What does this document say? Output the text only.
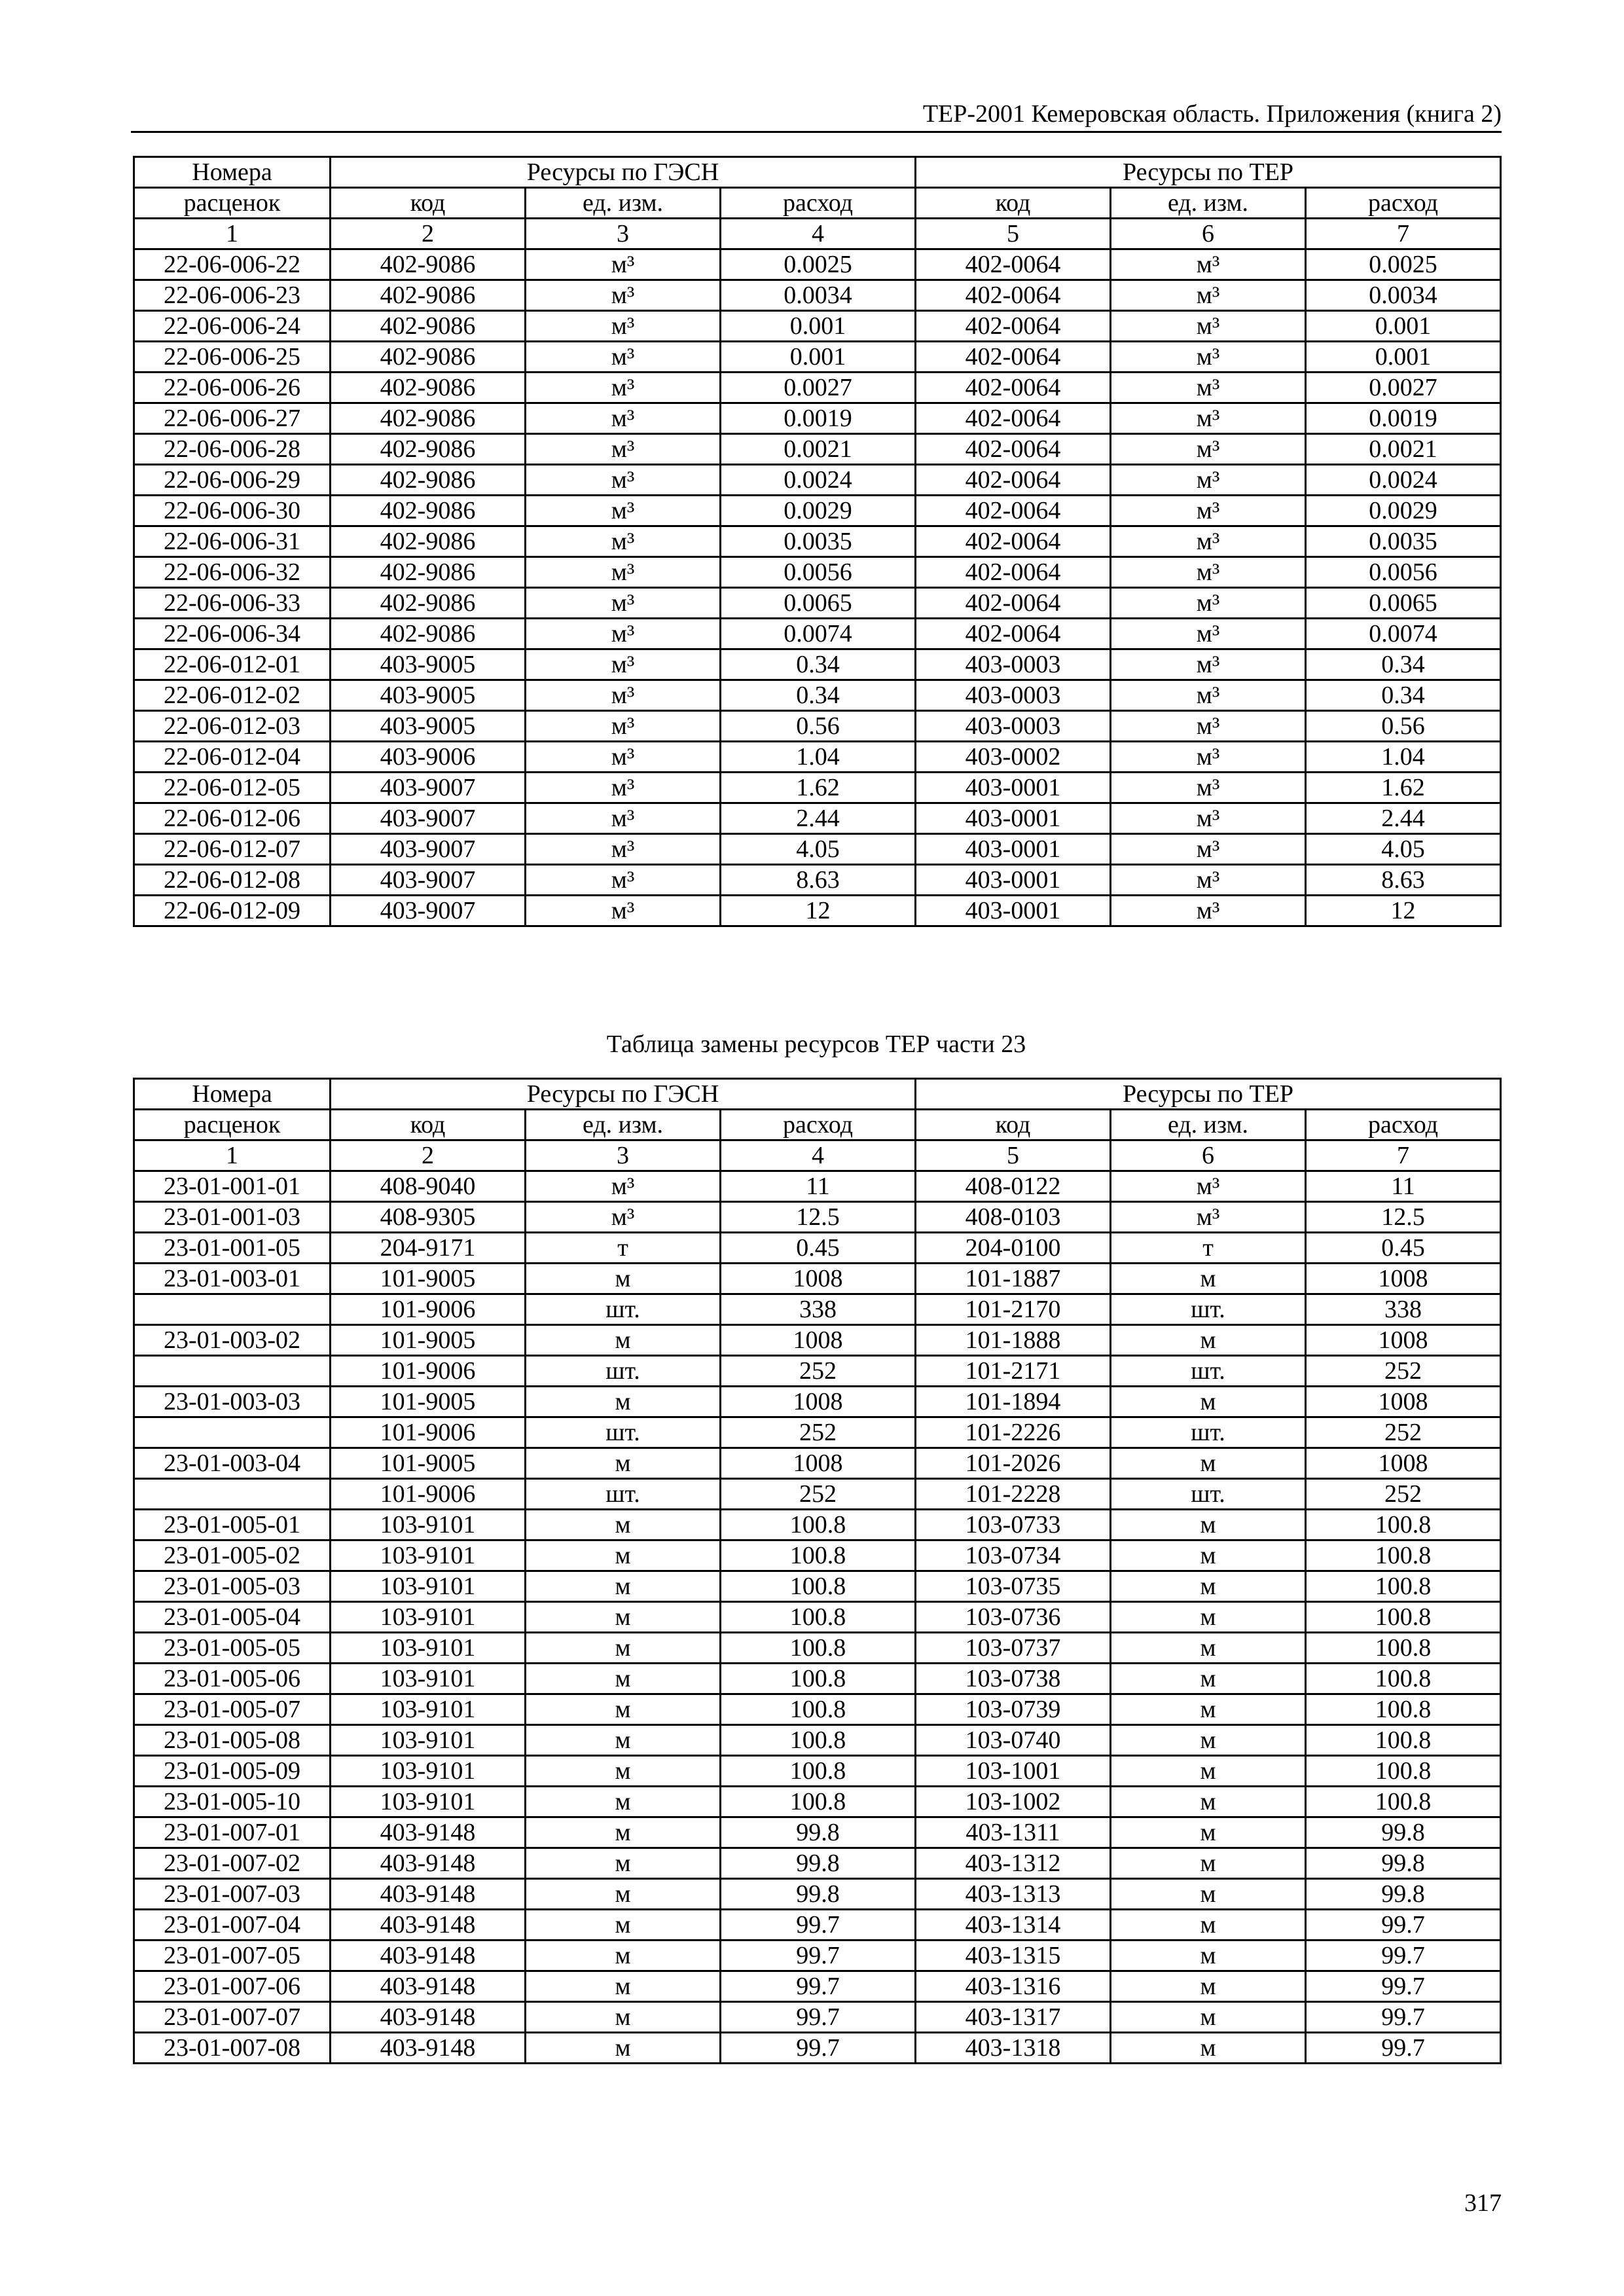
ТЕР-2001 Кемеровская область. Приложения (книга 2)
Номера	Ресурсы по ГЭСН			Ресурсы по ТЕР		
расценок	код	ед. изм.	расход	код	ед. изм.	расход
1	2	3	4	5	6	7
22-06-006-22	402-9086	м³	0.0025	402-0064	м³	0.0025
22-06-006-23	402-9086	м³	0.0034	402-0064	м³	0.0034
22-06-006-24	402-9086	м³	0.001	402-0064	м³	0.001
22-06-006-25	402-9086	м³	0.001	402-0064	м³	0.001
22-06-006-26	402-9086	м³	0.0027	402-0064	м³	0.0027
22-06-006-27	402-9086	м³	0.0019	402-0064	м³	0.0019
22-06-006-28	402-9086	м³	0.0021	402-0064	м³	0.0021
22-06-006-29	402-9086	м³	0.0024	402-0064	м³	0.0024
22-06-006-30	402-9086	м³	0.0029	402-0064	м³	0.0029
22-06-006-31	402-9086	м³	0.0035	402-0064	м³	0.0035
22-06-006-32	402-9086	м³	0.0056	402-0064	м³	0.0056
22-06-006-33	402-9086	м³	0.0065	402-0064	м³	0.0065
22-06-006-34	402-9086	м³	0.0074	402-0064	м³	0.0074
22-06-012-01	403-9005	м³	0.34	403-0003	м³	0.34
22-06-012-02	403-9005	м³	0.34	403-0003	м³	0.34
22-06-012-03	403-9005	м³	0.56	403-0003	м³	0.56
22-06-012-04	403-9006	м³	1.04	403-0002	м³	1.04
22-06-012-05	403-9007	м³	1.62	403-0001	м³	1.62
22-06-012-06	403-9007	м³	2.44	403-0001	м³	2.44
22-06-012-07	403-9007	м³	4.05	403-0001	м³	4.05
22-06-012-08	403-9007	м³	8.63	403-0001	м³	8.63
22-06-012-09	403-9007	м³	12	403-0001	м³	12
Таблица замены ресурсов ТЕР части 23
Номера	Ресурсы по ГЭСН			Ресурсы по ТЕР		
расценок	код	ед. изм.	расход	код	ед. изм.	расход
1	2	3	4	5	6	7
23-01-001-01	408-9040	м³	11	408-0122	м³	11
23-01-001-03	408-9305	м³	12.5	408-0103	м³	12.5
23-01-001-05	204-9171	т	0.45	204-0100	т	0.45
23-01-003-01	101-9005	м	1008	101-1887	м	1008
	101-9006	шт.	338	101-2170	шт.	338
23-01-003-02	101-9005	м	1008	101-1888	м	1008
	101-9006	шт.	252	101-2171	шт.	252
23-01-003-03	101-9005	м	1008	101-1894	м	1008
	101-9006	шт.	252	101-2226	шт.	252
23-01-003-04	101-9005	м	1008	101-2026	м	1008
	101-9006	шт.	252	101-2228	шт.	252
23-01-005-01	103-9101	м	100.8	103-0733	м	100.8
23-01-005-02	103-9101	м	100.8	103-0734	м	100.8
23-01-005-03	103-9101	м	100.8	103-0735	м	100.8
23-01-005-04	103-9101	м	100.8	103-0736	м	100.8
23-01-005-05	103-9101	м	100.8	103-0737	м	100.8
23-01-005-06	103-9101	м	100.8	103-0738	м	100.8
23-01-005-07	103-9101	м	100.8	103-0739	м	100.8
23-01-005-08	103-9101	м	100.8	103-0740	м	100.8
23-01-005-09	103-9101	м	100.8	103-1001	м	100.8
23-01-005-10	103-9101	м	100.8	103-1002	м	100.8
23-01-007-01	403-9148	м	99.8	403-1311	м	99.8
23-01-007-02	403-9148	м	99.8	403-1312	м	99.8
23-01-007-03	403-9148	м	99.8	403-1313	м	99.8
23-01-007-04	403-9148	м	99.7	403-1314	м	99.7
23-01-007-05	403-9148	м	99.7	403-1315	м	99.7
23-01-007-06	403-9148	м	99.7	403-1316	м	99.7
23-01-007-07	403-9148	м	99.7	403-1317	м	99.7
23-01-007-08	403-9148	м	99.7	403-1318	м	99.7
317
